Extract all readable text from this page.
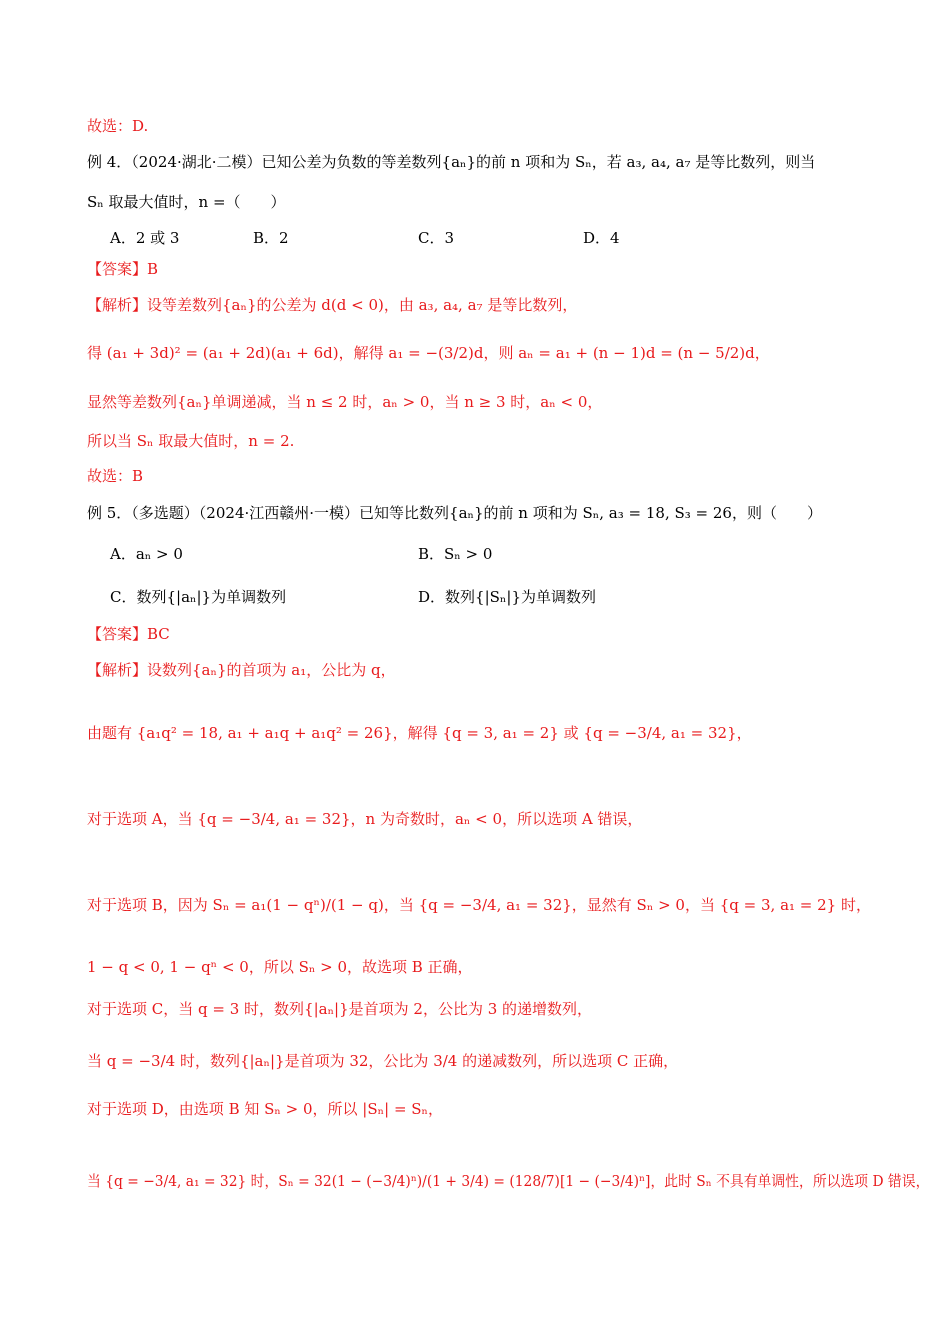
故选：D.
例 4．（2024·湖北·二模）已知公差为负数的等差数列{aₙ}的前 n 项和为 Sₙ，若 a₃, a₄, a₇ 是等比数列，则当
Sₙ 取最大值时，n =（　　）
A．2 或 3	B．2	C．3	D．4
【答案】B
【解析】设等差数列{aₙ}的公差为 d(d < 0)，由 a₃, a₄, a₇ 是等比数列，
得 (a₁ + 3d)² = (a₁ + 2d)(a₁ + 6d)，解得 a₁ = −(3/2)d，则 aₙ = a₁ + (n − 1)d = (n − 5/2)d，
显然等差数列{aₙ}单调递减，当 n ≤ 2 时，aₙ > 0，当 n ≥ 3 时，aₙ < 0，
所以当 Sₙ 取最大值时，n = 2.
故选：B
例 5．（多选题）（2024·江西赣州·一模）已知等比数列{aₙ}的前 n 项和为 Sₙ, a₃ = 18, S₃ = 26，则（　　）
A．aₙ > 0	B．Sₙ > 0
C．数列{|aₙ|}为单调数列	D．数列{|Sₙ|}为单调数列
【答案】BC
【解析】设数列{aₙ}的首项为 a₁，公比为 q，
由题有 {a₁q² = 18, a₁ + a₁q + a₁q² = 26}，解得 {q = 3, a₁ = 2} 或 {q = −3/4, a₁ = 32}，
对于选项 A，当 {q = −3/4, a₁ = 32}，n 为奇数时，aₙ < 0，所以选项 A 错误，
对于选项 B，因为 Sₙ = a₁(1 − qⁿ)/(1 − q)，当 {q = −3/4, a₁ = 32}，显然有 Sₙ > 0，当 {q = 3, a₁ = 2} 时，
1 − q < 0, 1 − qⁿ < 0，所以 Sₙ > 0，故选项 B 正确，
对于选项 C，当 q = 3 时，数列{|aₙ|}是首项为 2，公比为 3 的递增数列，
当 q = −3/4 时，数列{|aₙ|}是首项为 32，公比为 3/4 的递减数列，所以选项 C 正确，
对于选项 D，由选项 B 知 Sₙ > 0，所以 |Sₙ| = Sₙ，
当 {q = −3/4, a₁ = 32} 时，Sₙ = 32(1 − (−3/4)ⁿ)/(1 + 3/4) = (128/7)[1 − (−3/4)ⁿ]，此时 Sₙ 不具有单调性，所以选项 D 错误，
